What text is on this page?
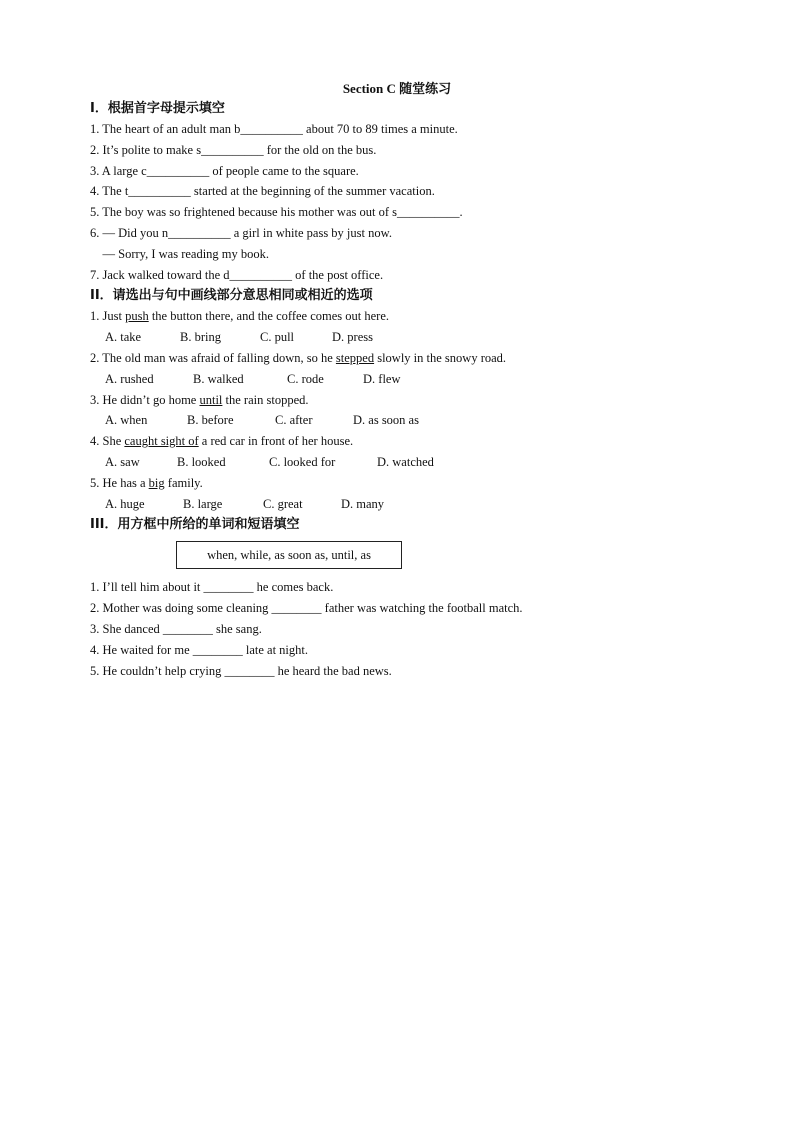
Section C 随堂练习
I．根据首字母提示填空
1. The heart of an adult man b__________ about 70 to 89 times a minute.
2. It’s polite to make s__________ for the old on the bus.
3. A large c__________ of people came to the square.
4. The t__________ started at the beginning of the summer vacation.
5. The boy was so frightened because his mother was out of s__________.
6. — Did you n__________ a girl in white pass by just now.
— Sorry, I was reading my book.
7. Jack walked toward the d__________ of the post office.
II．请选出与句中画线部分意思相同或相近的选项
1. Just push the button there, and the coffee comes out here.
A. take	B. bring	C. pull	D. press
2. The old man was afraid of falling down, so he stepped slowly in the snowy road.
A. rushed	B. walked	C. rode	D. flew
3. He didn’t go home until the rain stopped.
A. when	B. before	C. after	D. as soon as
4. She caught sight of a red car in front of her house.
A. saw	B. looked	C. looked for	D. watched
5. He has a big family.
A. huge	B. large	C. great	D. many
III．用方框中所给的单词和短语填空
when, while, as soon as, until, as
1. I’ll tell him about it ________ he comes back.
2. Mother was doing some cleaning ________ father was watching the football match.
3. She danced ________ she sang.
4. He waited for me ________ late at night.
5. He couldn’t help crying ________ he heard the bad news.
